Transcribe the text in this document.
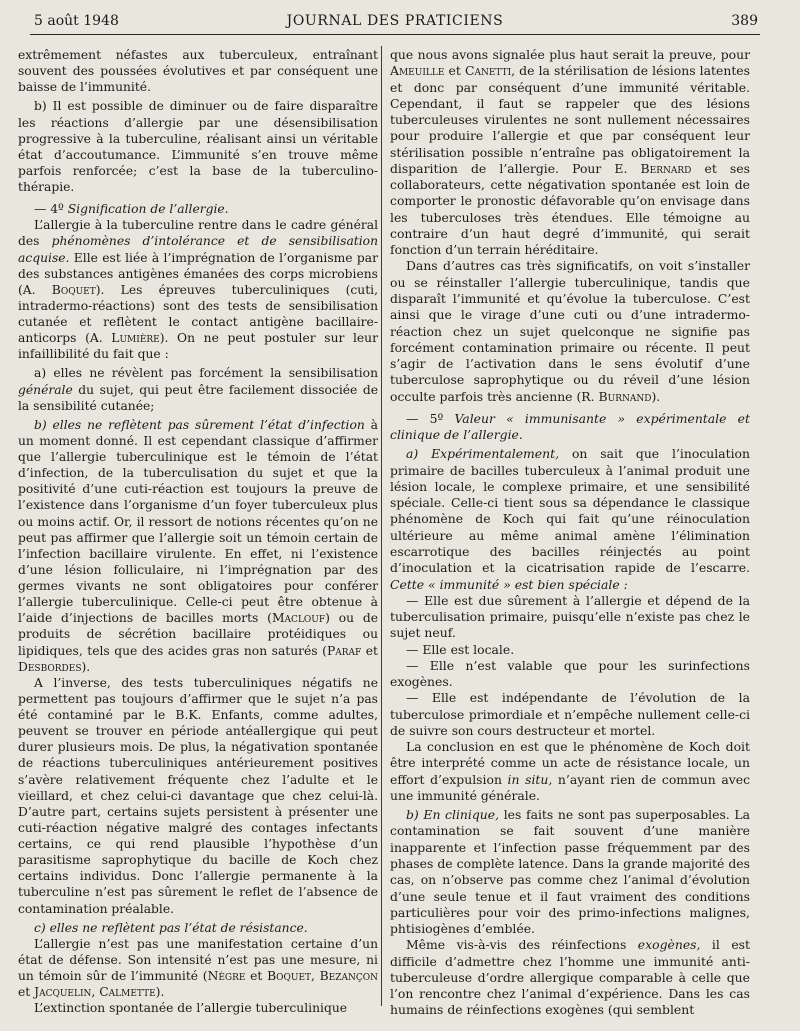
5 août 1948	JOURNAL DES PRATICIENS	389

extrêmement néfastes aux tuberculeux, entraînant souvent des poussées évolutives et par conséquent une baisse de l’immunité.

b) Il est possible de diminuer ou de faire disparaître les réactions d’allergie par une désensibilisation progressive à la tuberculine, réalisant ainsi un véritable état d’accoutumance. L’immunité s’en trouve même parfois renforcée; c’est la base de la tuberculino-thérapie.

— 4º Signification de l’allergie.

L’allergie à la tuberculine rentre dans le cadre général des phénomènes d’intolérance et de sensibilisation acquise. Elle est liée à l’imprégnation de l’organisme par des substances antigènes émanées des corps microbiens (A. Boquet). Les épreuves tuberculiniques (cuti, intradermo-réactions) sont des tests de sensibilisation cutanée et reflètent le contact antigène bacillaire-anticorps (A. Lumière). On ne peut postuler sur leur infaillibilité du fait que :

a) elles ne révèlent pas forcément la sensibilisation générale du sujet, qui peut être facilement dissociée de la sensibilité cutanée;

b) elles ne reflètent pas sûrement l’état d’infection à un moment donné. Il est cependant classique d’affirmer que l’allergie tuberculinique est le témoin de l’état d’infection, de la tuberculisation du sujet et que la positivité d’une cuti-réaction est toujours la preuve de l’existence dans l’organisme d’un foyer tuberculeux plus ou moins actif. Or, il ressort de notions récentes qu’on ne peut pas affirmer que l’allergie soit un témoin certain de l’infection bacillaire virulente. En effet, ni l’existence d’une lésion folliculaire, ni l’imprégnation par des germes vivants ne sont obligatoires pour conférer l’allergie tuberculinique. Celle-ci peut être obtenue à l’aide d’injections de bacilles morts (Maclouf) ou de produits de sécrétion bacillaire protéidiques ou lipidiques, tels que des acides gras non saturés (Paraf et Desbordes).

A l’inverse, des tests tuberculiniques négatifs ne permettent pas toujours d’affirmer que le sujet n’a pas été contaminé par le B.K. Enfants, comme adultes, peuvent se trouver en période antéallergique qui peut durer plusieurs mois. De plus, la négativation spontanée de réactions tuberculiniques antérieurement positives s’avère relativement fréquente chez l’adulte et le vieillard, et chez celui-ci davantage que chez celui-là. D’autre part, certains sujets persistent à présenter une cuti-réaction négative malgré des contages infectants certains, ce qui rend plausible l’hypothèse d’un parasitisme saprophytique du bacille de Koch chez certains individus. Donc l’allergie permanente à la tuberculine n’est pas sûrement le reflet de l’absence de contamination préalable.

c) elles ne reflètent pas l’état de résistance.

L’allergie n’est pas une manifestation certaine d’un état de défense. Son intensité n’est pas une mesure, ni un témoin sûr de l’immunité (Nègre et Boquet, Bezançon et Jacquelin, Calmette).

L’extinction spontanée de l’allergie tuberculinique

que nous avons signalée plus haut serait la preuve, pour Ameuille et Canetti, de la stérilisation de lésions latentes et donc par conséquent d’une immunité véritable. Cependant, il faut se rappeler que des lésions tuberculeuses virulentes ne sont nullement nécessaires pour produire l’allergie et que par conséquent leur stérilisation possible n’entraîne pas obligatoirement la disparition de l’allergie. Pour E. Bernard et ses collaborateurs, cette négativation spontanée est loin de comporter le pronostic défavorable qu’on envisage dans les tuberculoses très étendues. Elle témoigne au contraire d’un haut degré d’immunité, qui serait fonction d’un terrain héréditaire.

Dans d’autres cas très significatifs, on voit s’installer ou se réinstaller l’allergie tuberculinique, tandis que disparaît l’immunité et qu’évolue la tuberculose. C’est ainsi que le virage d’une cuti ou d’une intradermo-réaction chez un sujet quelconque ne signifie pas forcément contamination primaire ou récente. Il peut s’agir de l’activation dans le sens évolutif d’une tuberculose saprophytique ou du réveil d’une lésion occulte parfois très ancienne (R. Burnand).

— 5º Valeur « immunisante » expérimentale et clinique de l’allergie.

a) Expérimentalement, on sait que l’inoculation primaire de bacilles tuberculeux à l’animal produit une lésion locale, le complexe primaire, et une sensibilité spéciale. Celle-ci tient sous sa dépendance le classique phénomène de Koch qui fait qu’une réinoculation ultérieure au même animal amène l’élimination escarrotique des bacilles réinjectés au point d’inoculation et la cicatrisation rapide de l’escarre. Cette « immunité » est bien spéciale :

— Elle est due sûrement à l’allergie et dépend de la tuberculisation primaire, puisqu’elle n’existe pas chez le sujet neuf.

— Elle est locale.

— Elle n’est valable que pour les surinfections exogènes.

— Elle est indépendante de l’évolution de la tuberculose primordiale et n’empêche nullement celle-ci de suivre son cours destructeur et mortel.

La conclusion en est que le phénomène de Koch doit être interprété comme un acte de résistance locale, un effort d’expulsion in situ, n’ayant rien de commun avec une immunité générale.

b) En clinique, les faits ne sont pas superposables. La contamination se fait souvent d’une manière inapparente et l’infection passe fréquemment par des phases de complète latence. Dans la grande majorité des cas, on n’observe pas comme chez l’animal d’évolution d’une seule tenue et il faut vraiment des conditions particulières pour voir des primo-infections malignes, phtisiogènes d’emblée.

Même vis-à-vis des réinfections exogènes, il est difficile d’admettre chez l’homme une immunité anti-tuberculeuse d’ordre allergique comparable à celle que l’on rencontre chez l’animal d’expérience. Dans les cas humains de réinfections exogènes (qui semblent
